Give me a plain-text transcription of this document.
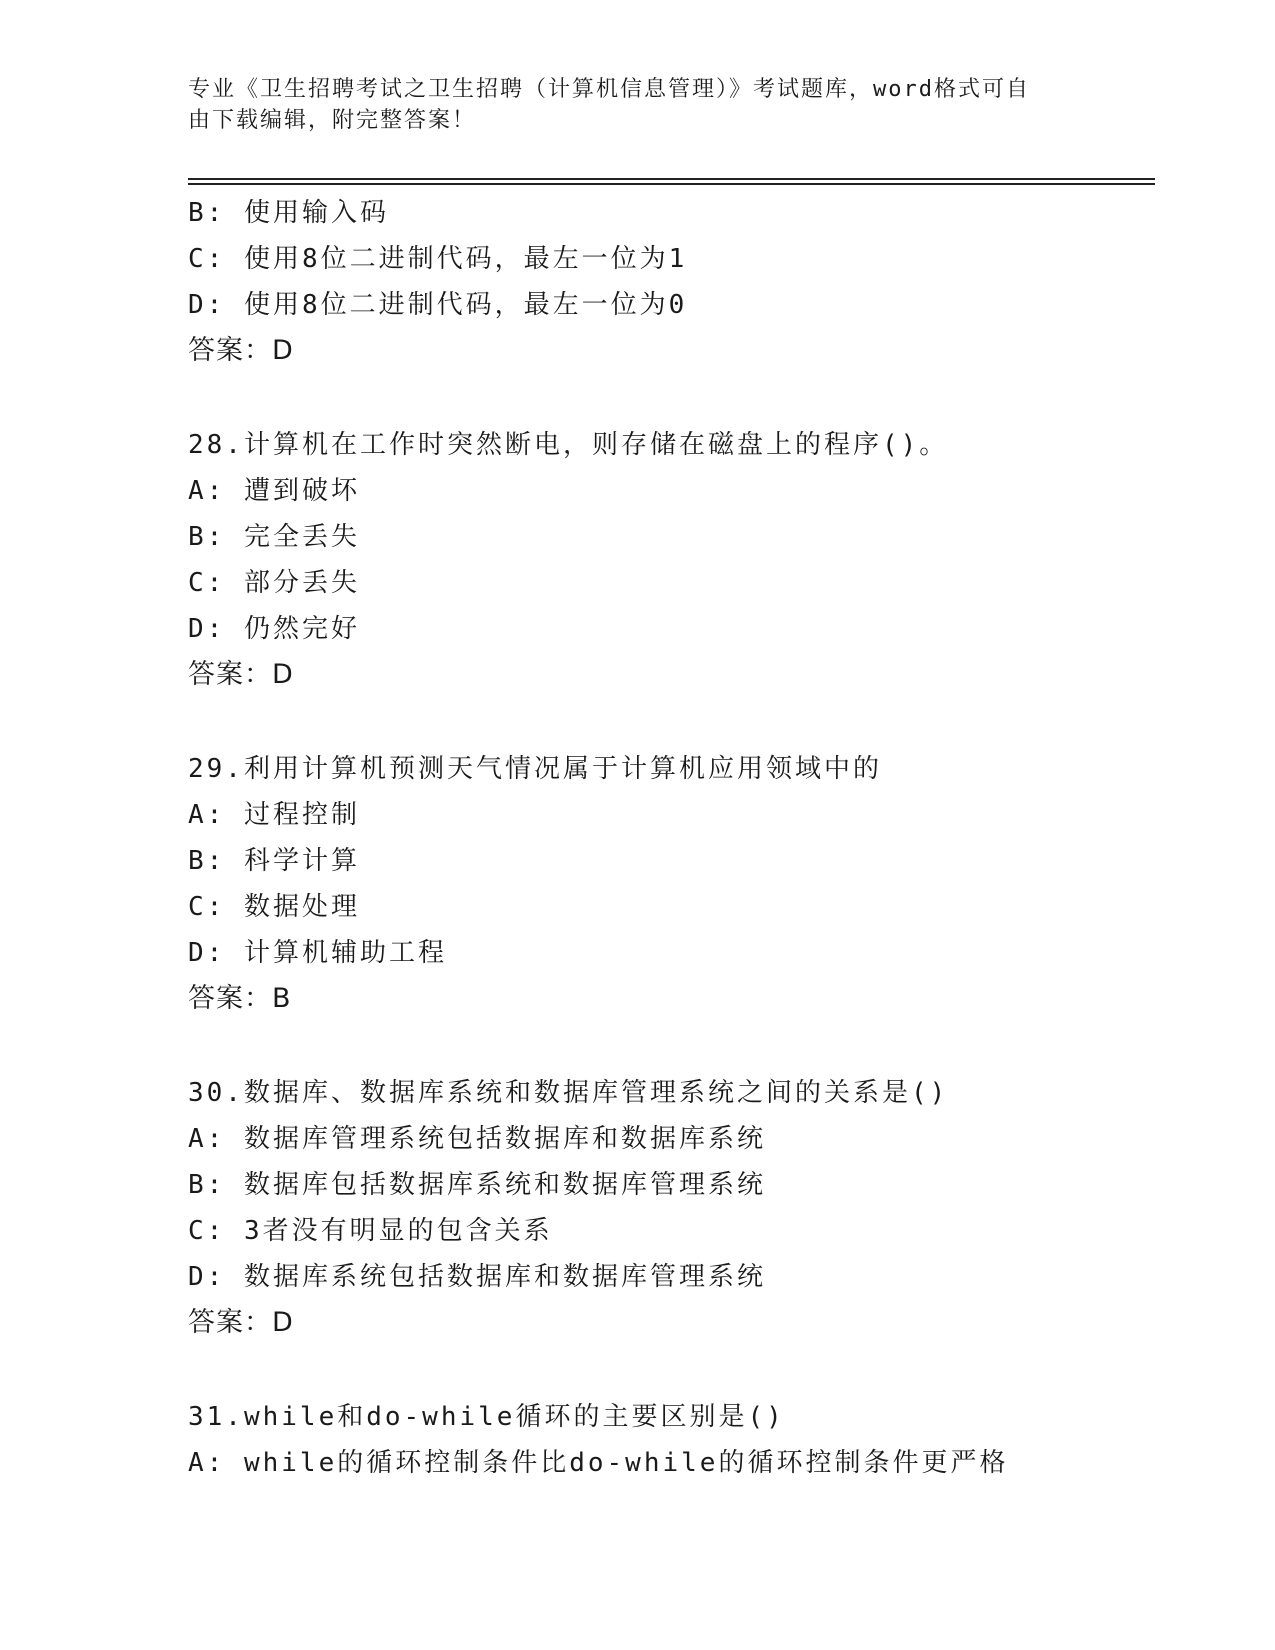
专业《卫生招聘考试之卫生招聘（计算机信息管理）》考试题库，word格式可自
由下载编辑，附完整答案！
B: 使用输入码
C: 使用8位二进制代码，最左一位为1
D: 使用8位二进制代码，最左一位为0
答案：D
28.计算机在工作时突然断电，则存储在磁盘上的程序()。
A: 遭到破坏
B: 完全丢失
C: 部分丢失
D: 仍然完好
答案：D
29.利用计算机预测天气情况属于计算机应用领域中的
A: 过程控制
B: 科学计算
C: 数据处理
D: 计算机辅助工程
答案：B
30.数据库、数据库系统和数据库管理系统之间的关系是()
A: 数据库管理系统包括数据库和数据库系统
B: 数据库包括数据库系统和数据库管理系统
C: 3者没有明显的包含关系
D: 数据库系统包括数据库和数据库管理系统
答案：D
31.while和do-while循环的主要区别是()
A: while的循环控制条件比do-while的循环控制条件更严格
